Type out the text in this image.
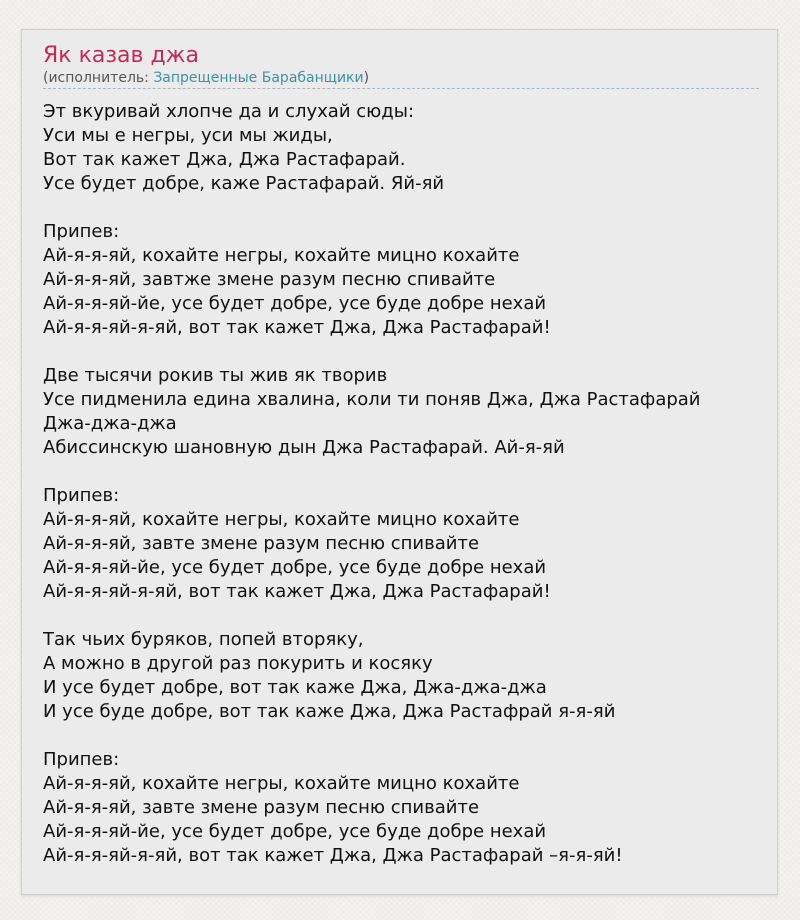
Як казав джа
(исполнитель: Запрещенные Барабанщики)
Эт вкуривай хлопче да и слухай сюды:
Уси мы е негры, уси мы жиды,
Вот так кажет Джа, Джа Растафарай.
Усе будет добре, каже Растафарай. Яй-яй
Припев:
Ай-я-я-яй, кохайте негры, кохайте мицно кохайте
Ай-я-я-яй, завтже змене разум песню спивайте
Ай-я-я-яй-йе, усе будет добре, усе буде добре нехай
Ай-я-я-яй-я-яй, вот так кажет Джа, Джа Растафарай!
Две тысячи рокив ты жив як творив
Усе пидменила едина хвалина, коли ти поняв Джа, Джа Растафарай
Джа-джа-джа
Абиссинскую шановную дын Джа Растафарай. Ай-я-яй
Припев:
Ай-я-я-яй, кохайте негры, кохайте мицно кохайте
Ай-я-я-яй, завте змене разум песню спивайте
Ай-я-я-яй-йе, усе будет добре, усе буде добре нехай
Ай-я-я-яй-я-яй, вот так кажет Джа, Джа Растафарай!
Так чьих буряков, попей вторяку,
А можно в другой раз покурить и косяку
И усе будет добре, вот так каже Джа, Джа-джа-джа
И усе буде добре, вот так каже Джа, Джа Растафрай я-я-яй
Припев:
Ай-я-я-яй, кохайте негры, кохайте мицно кохайте
Ай-я-я-яй, завте змене разум песню спивайте
Ай-я-я-яй-йе, усе будет добре, усе буде добре нехай
Ай-я-я-яй-я-яй, вот так кажет Джа, Джа Растафарай –я-я-яй!
